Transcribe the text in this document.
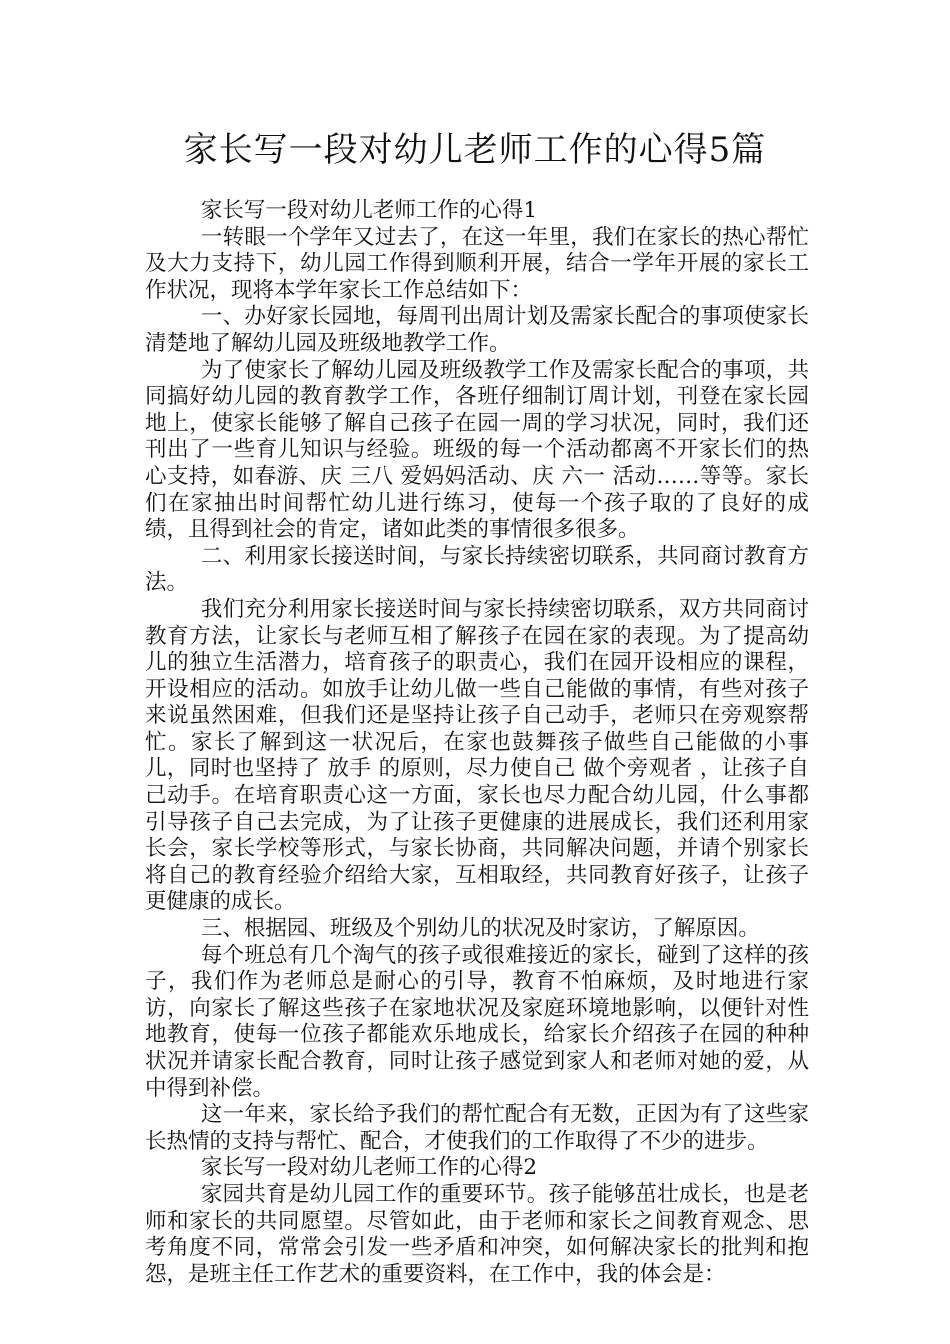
家长写一段对幼儿老师工作的心得5篇

家长写一段对幼儿老师工作的心得1

一转眼一个学年又过去了，在这一年里，我们在家长的热心帮忙及大力支持下，幼儿园工作得到顺利开展，结合一学年开展的家长工作状况，现将本学年家长工作总结如下：

一、办好家长园地，每周刊出周计划及需家长配合的事项使家长清楚地了解幼儿园及班级地教学工作。

为了使家长了解幼儿园及班级教学工作及需家长配合的事项，共同搞好幼儿园的教育教学工作，各班仔细制订周计划，刊登在家长园地上，使家长能够了解自己孩子在园一周的学习状况，同时，我们还刊出了一些育儿知识与经验。班级的每一个活动都离不开家长们的热心支持，如春游、庆 三八 爱妈妈活动、庆 六一 活动……等等。家长们在家抽出时间帮忙幼儿进行练习，使每一个孩子取的了良好的成绩，且得到社会的肯定，诸如此类的事情很多很多。

二、利用家长接送时间，与家长持续密切联系，共同商讨教育方法。

我们充分利用家长接送时间与家长持续密切联系，双方共同商讨教育方法，让家长与老师互相了解孩子在园在家的表现。为了提高幼儿的独立生活潜力，培育孩子的职责心，我们在园开设相应的课程，开设相应的活动。如放手让幼儿做一些自己能做的事情，有些对孩子来说虽然困难，但我们还是坚持让孩子自己动手，老师只在旁观察帮忙。家长了解到这一状况后，在家也鼓舞孩子做些自己能做的小事儿，同时也坚持了 放手 的原则，尽力使自己 做个旁观者 ，让孩子自己动手。在培育职责心这一方面，家长也尽力配合幼儿园，什么事都引导孩子自己去完成，为了让孩子更健康的进展成长，我们还利用家长会，家长学校等形式，与家长协商，共同解决问题，并请个别家长将自己的教育经验介绍给大家，互相取经，共同教育好孩子，让孩子更健康的成长。

三、根据园、班级及个别幼儿的状况及时家访，了解原因。

每个班总有几个淘气的孩子或很难接近的家长，碰到了这样的孩子，我们作为老师总是耐心的引导，教育不怕麻烦，及时地进行家访，向家长了解这些孩子在家地状况及家庭环境地影响，以便针对性地教育，使每一位孩子都能欢乐地成长，给家长介绍孩子在园的种种状况并请家长配合教育，同时让孩子感觉到家人和老师对她的爱，从中得到补偿。

这一年来，家长给予我们的帮忙配合有无数，正因为有了这些家长热情的支持与帮忙、配合，才使我们的工作取得了不少的进步。

家长写一段对幼儿老师工作的心得2

家园共育是幼儿园工作的重要环节。孩子能够茁壮成长，也是老师和家长的共同愿望。尽管如此，由于老师和家长之间教育观念、思考角度不同，常常会引发一些矛盾和冲突，如何解决家长的批判和抱怨，是班主任工作艺术的重要资料，在工作中，我的体会是：
